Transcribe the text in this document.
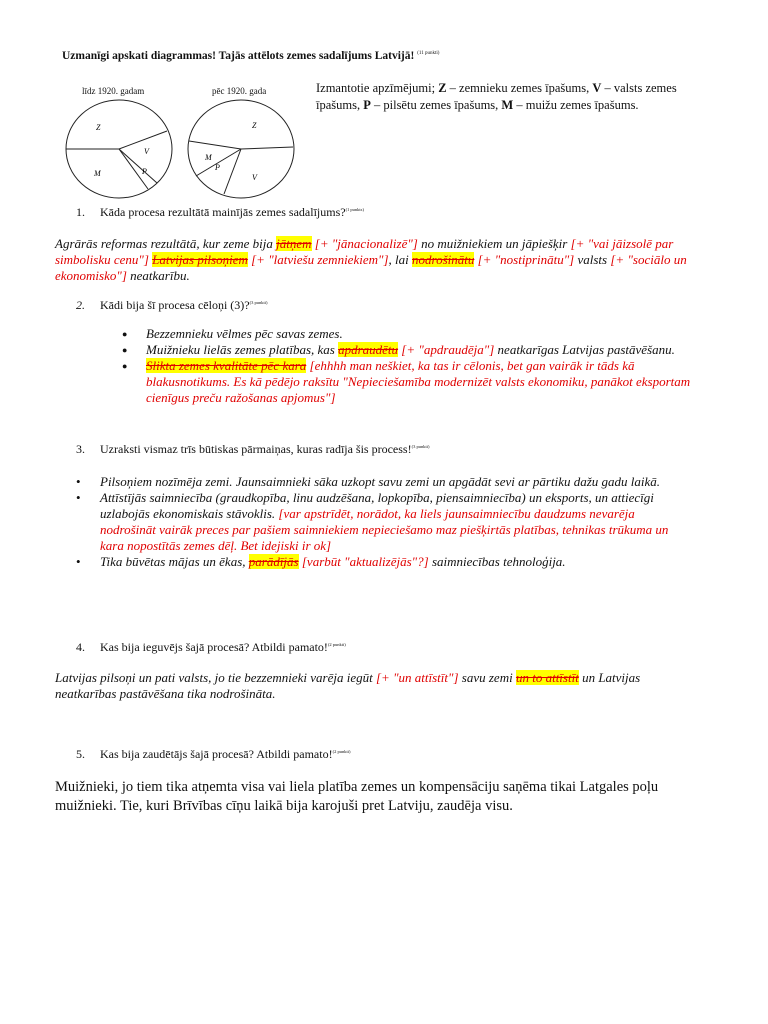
Uzmanīgi apskati diagrammas! Tajās attēlots zemes sadalījums Latvijā! $^{(11 punkti)}$
līdz 1920. gadam
Z
V
P
M
pēc 1920. gada
Z
V
P
M
Izmantotie apzīmējumi; Z – zemnieku zemes īpašums, V – valsts zemes īpašums, P – pilsētu zemes īpašums, M – muižu zemes īpašums.
1. Kāda procesa rezultātā mainījās zemes sadalījums?$^{(1 punkts)}$
Agrārās reformas rezultātā, kur zeme bija jātņem [+ "jānacionalizē"] no muižniekiem un jāpiešķir [+ "vai jāizsolē par simbolisku cenu"] Latvijas pilsoņiem [+ "latviešu zemniekiem"], lai nodrošinātu [+ "nostiprinātu"] valsts [+ "sociālo un ekonomisko"] neatkarību.
2. Kādi bija šī procesa cēloņi (3)?$^{(3 punkti)}$
● Bezzemnieku vēlmes pēc savas zemes.
● Muižnieku lielās zemes platības, kas apdraudētu [+ "apdraudēja"] neatkarīgas Latvijas pastāvēšanu.
● Slikta zemes kvalitāte pēc kara [ehhhh man neškiet, ka tas ir cēlonis, bet gan vairāk ir tāds kā blakusnotikums. Es kā pēdējo raksītu "Nepieciešamība modernizēt valsts ekonomiku, panākot eksportam cienīgus preču ražošanas apjomus"]
3. Uzraksti vismaz trīs būtiskas pārmaiņas, kuras radīja šis process!$^{(3 punkti)}$
• Pilsoņiem nozīmēja zemi. Jaunsaimnieki sāka uzkopt savu zemi un apgādāt sevi ar pārtiku dažu gadu laikā.
• Attīstījās saimniecība (graudkopība, linu audzēšana, lopkopība, piensaimniecība) un eksports, un attiecīgi uzlabojās ekonomiskais stāvoklis. [var apstrīdēt, norādot, ka liels jaunsaimniecību daudzums nevarēja nodrošināt vairāk preces par pašiem saimniekiem nepieciešamo maz piešķirtās platības, tehnikas trūkuma un kara nopostītās zemes dēļ. Bet idejiski ir ok]
• Tika būvētas mājas un ēkas, parādījās [varbūt "aktualizējās"?] saimniecības tehnoloģija.
4. Kas bija ieguvējs šajā procesā? Atbildi pamato!$^{(2 punkti)}$
Latvijas pilsoņi un pati valsts, jo tie bezzemnieki varēja iegūt [+ "un attīstīt"] savu zemi un to attīstīt un Latvijas neatkarības pastāvēšana tika nodrošināta.
5. Kas bija zaudētājs šajā procesā? Atbildi pamato!$^{(2 punkti)}$
Muižnieki, jo tiem tika atņemta visa vai liela platība zemes un kompensāciju saņēma tikai Latgales poļu muižnieki. Tie, kuri Brīvības cīņu laikā bija karojuši pret Latviju, zaudēja visu.
